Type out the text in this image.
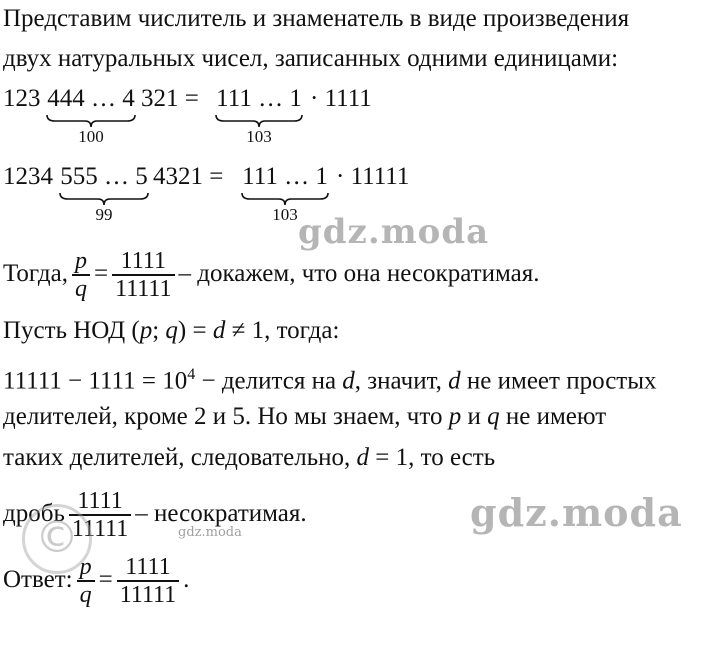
Представим числитель и знаменатель в виде произведения
двух натуральных чисел, записанных одними единицами:
123 444 … 4
100
321 = 111 … 1
103
· 1111
1234 555 … 5
99
4321 = 111 … 1
103
· 11111
Тогда, $\frac{p}{q} = \frac{1111}{11111}$ – докажем, что она несократимая.
Пусть НОД (p; q) = d ≠ 1, тогда:
$11111 - 1111 = 10^4$ − делится на d, значит, d не имеет простых
делителей, кроме 2 и 5. Но мы знаем, что p и q не имеют
таких делителей, следовательно, d = 1, то есть
дробь $\frac{1111}{11111}$ – несократимая.
Ответ: $\frac{p}{q} = \frac{1111}{11111}$ .
gdz.moda
gdz.moda
gdz.moda
©
